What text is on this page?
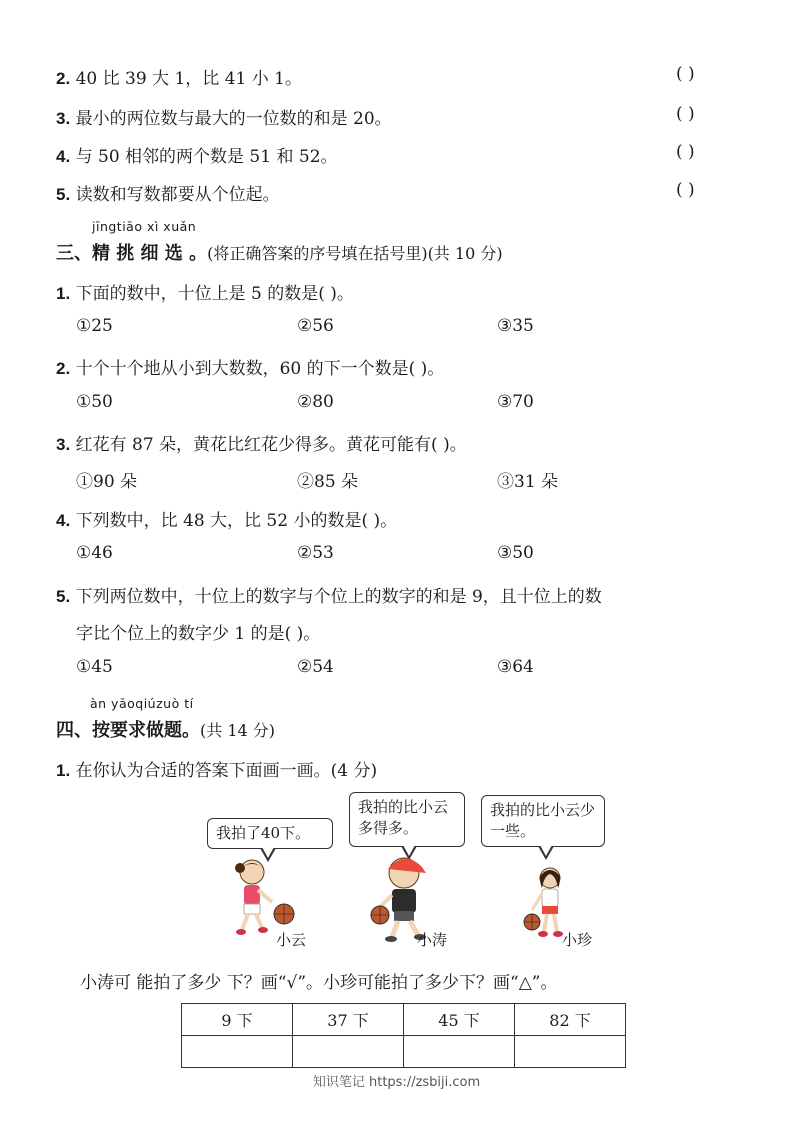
2. 40 比 39 大 1，比 41 小 1。	( )
3. 最小的两位数与最大的一位数的和是 20。	( )
4. 与 50 相邻的两个数是 51 和 52。	( )
5. 读数和写数都要从个位起。	( )
jīngtiāo xì xuǎn
三、精 挑 细 选 。(将正确答案的序号填在括号里)(共 10 分)
1. 下面的数中，十位上是 5 的数是( )。
①25	②56	③35
2. 十个十个地从小到大数数，60 的下一个数是( )。
①50	②80	③70
3. 红花有 87 朵，黄花比红花少得多。黄花可能有( )。
①90 朵	②85 朵	③31 朵
4. 下列数中，比 48 大，比 52 小的数是( )。
①46	②53	③50
5. 下列两位数中，十位上的数字与个位上的数字的和是 9，且十位上的数
字比个位上的数字少 1 的是( )。
①45	②54	③64
àn yāoqiúzuò tí
四、按要求做题。(共 14 分)
1. 在你认为合适的答案下面画一画。(4 分)
我拍了40下。
我拍的比小云多得多。
我拍的比小云少一些。
小云	小涛	小珍
小涛可 能拍了多少 下？画“√”。小珍可能拍了多少下？画“△”。
9 下	37 下	45 下	82 下

知识笔记 https://zsbiji.com
